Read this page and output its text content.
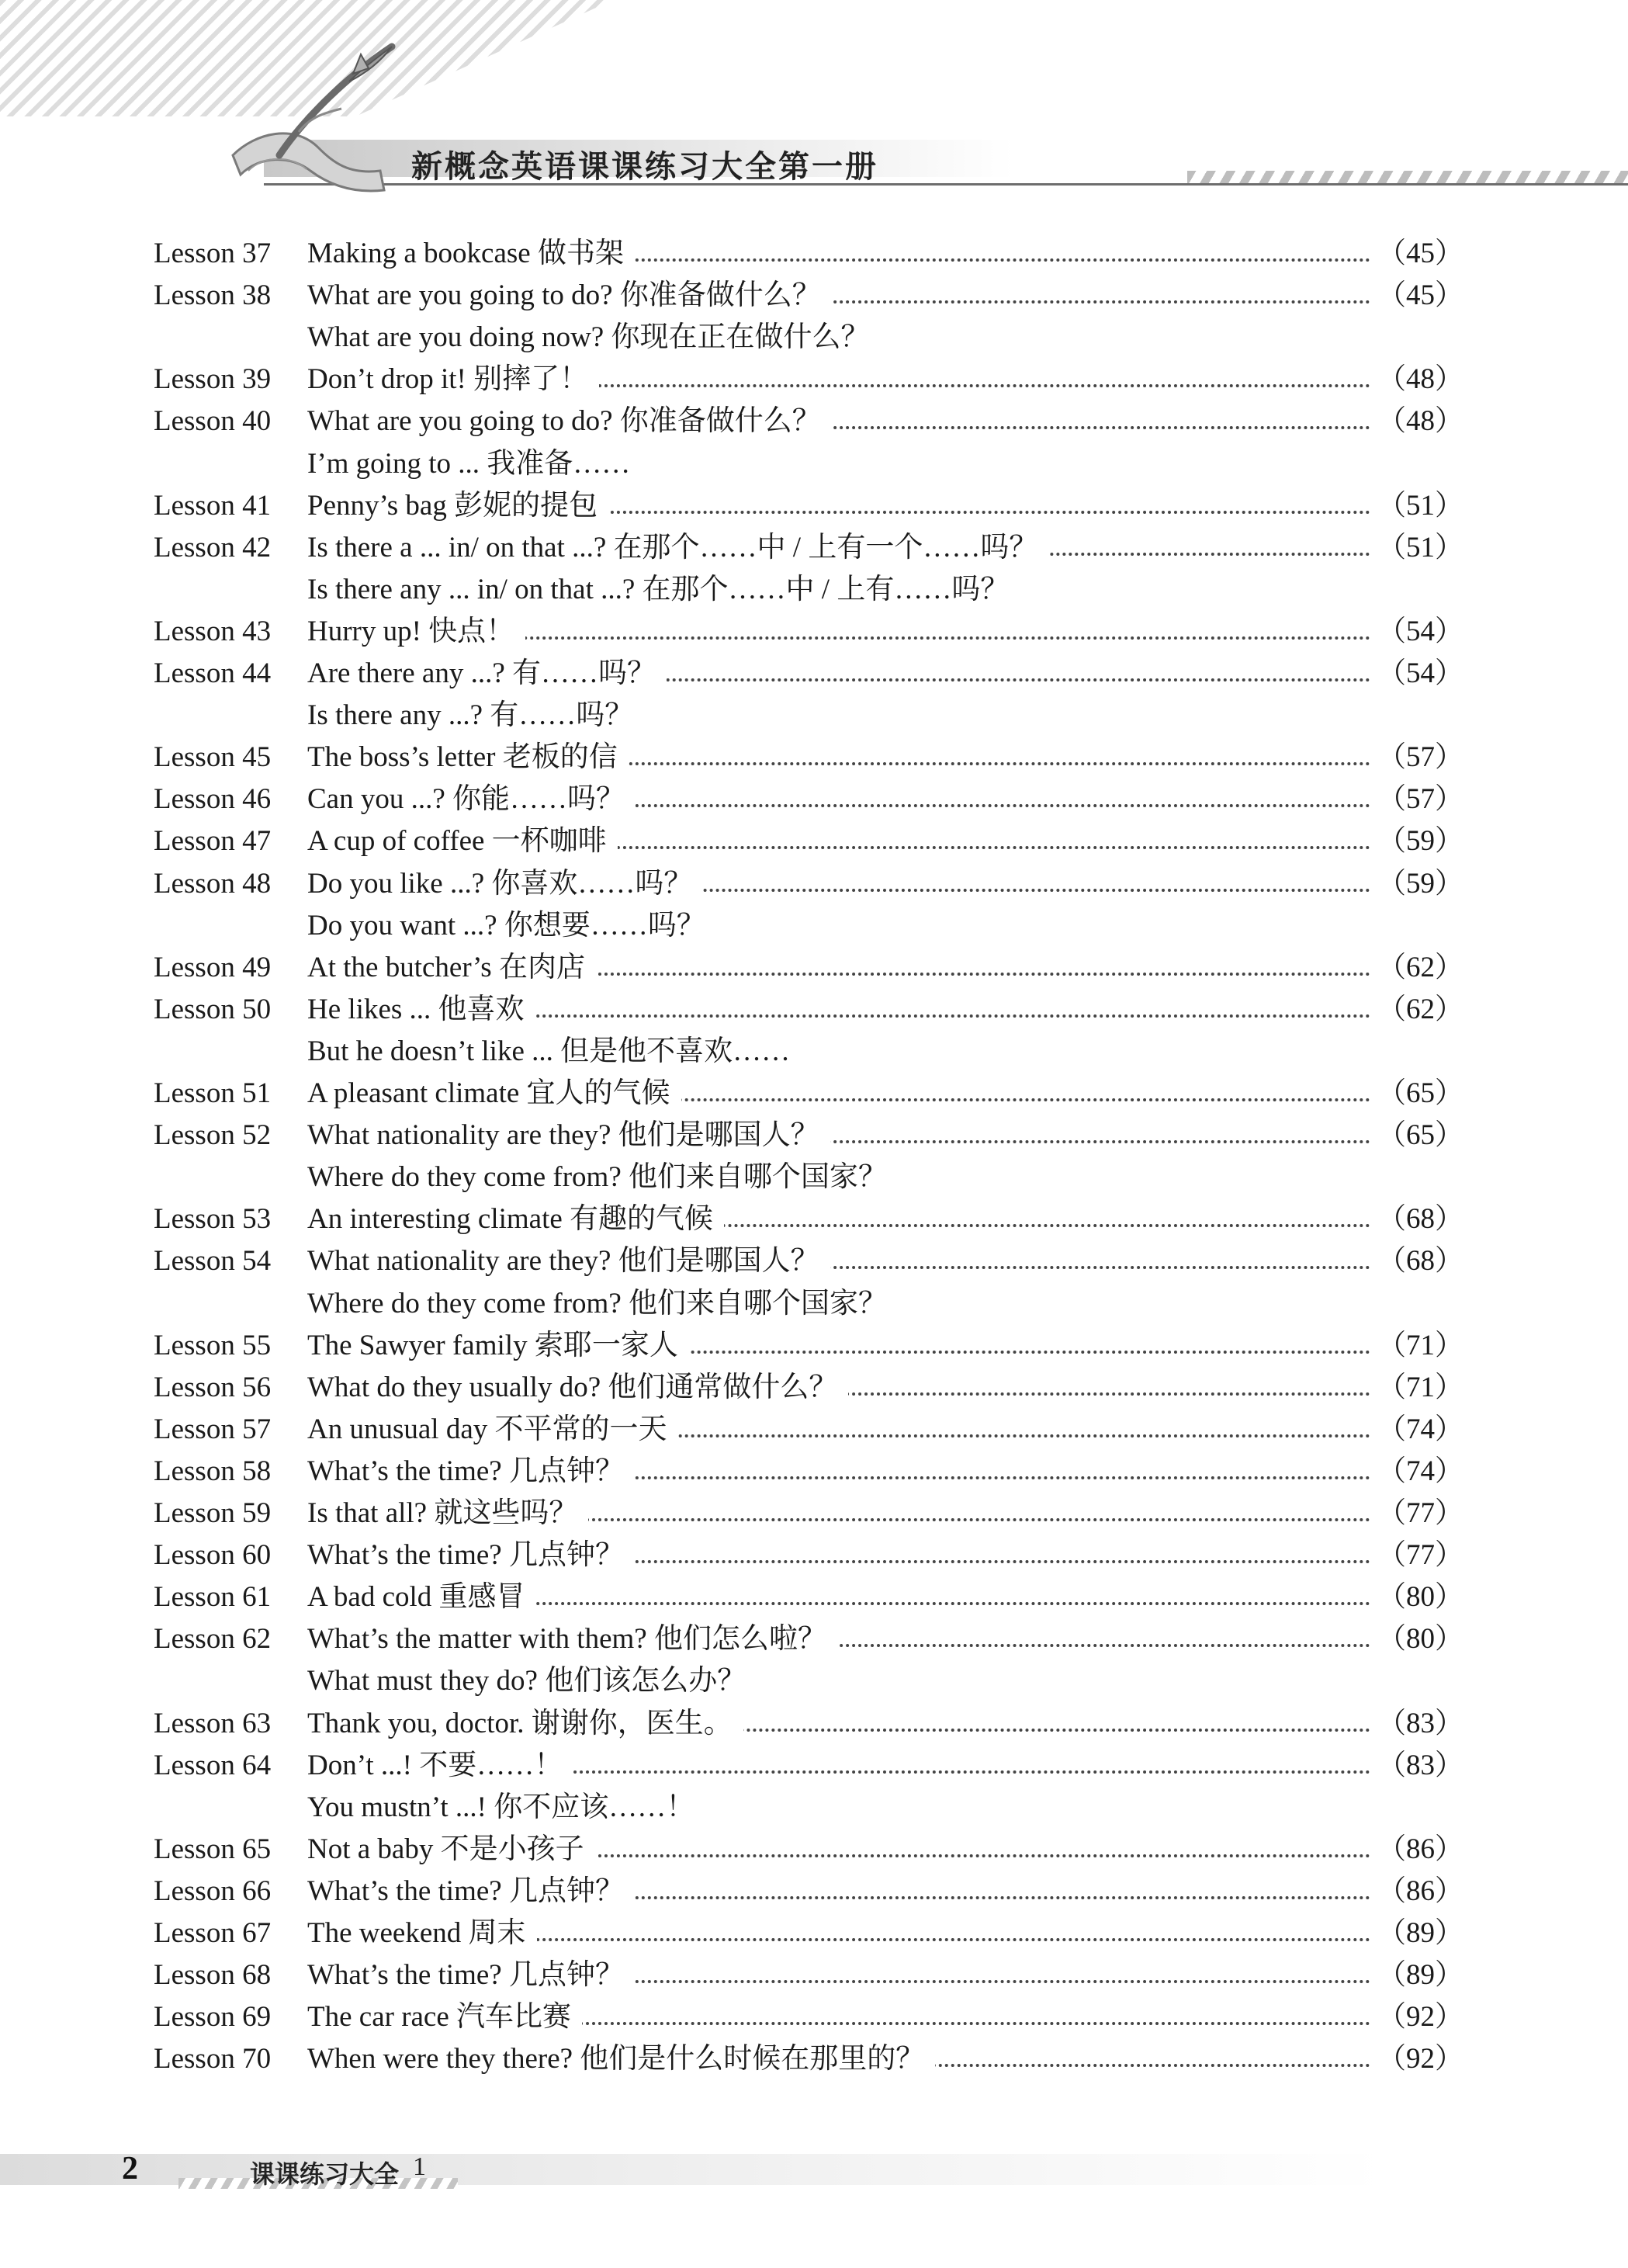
新概念英语课课练习大全第一册
Lesson 37 Making a bookcase 做书架	（45）
Lesson 38 What are you going to do? 你准备做什么？	（45）
What are you doing now? 你现在正在做什么？
Lesson 39 Don’t drop it! 别摔了！	（48）
Lesson 40 What are you going to do? 你准备做什么？	（48）
I’m going to ... 我准备……
Lesson 41 Penny’s bag 彭妮的提包	（51）
Lesson 42 Is there a ... in/ on that ...? 在那个……中 / 上有一个……吗？	（51）
Is there any ... in/ on that ...? 在那个……中 / 上有……吗？
Lesson 43 Hurry up! 快点！	（54）
Lesson 44 Are there any ...? 有……吗？	（54）
Is there any ...? 有……吗？
Lesson 45 The boss’s letter 老板的信	（57）
Lesson 46 Can you ...? 你能……吗？	（57）
Lesson 47 A cup of coffee 一杯咖啡	（59）
Lesson 48 Do you like ...? 你喜欢……吗？	（59）
Do you want ...? 你想要……吗？
Lesson 49 At the butcher’s 在肉店	（62）
Lesson 50 He likes ... 他喜欢	（62）
But he doesn’t like ... 但是他不喜欢……
Lesson 51 A pleasant climate 宜人的气候	（65）
Lesson 52 What nationality are they? 他们是哪国人？	（65）
Where do they come from? 他们来自哪个国家？
Lesson 53 An interesting climate 有趣的气候	（68）
Lesson 54 What nationality are they? 他们是哪国人？	（68）
Where do they come from? 他们来自哪个国家？
Lesson 55 The Sawyer family 索耶一家人	（71）
Lesson 56 What do they usually do? 他们通常做什么？	（71）
Lesson 57 An unusual day 不平常的一天	（74）
Lesson 58 What’s the time? 几点钟？	（74）
Lesson 59 Is that all? 就这些吗？	（77）
Lesson 60 What’s the time? 几点钟？	（77）
Lesson 61 A bad cold 重感冒	（80）
Lesson 62 What’s the matter with them? 他们怎么啦？	（80）
What must they do? 他们该怎么办？
Lesson 63 Thank you, doctor. 谢谢你，医生。	（83）
Lesson 64 Don’t ...! 不要……！	（83）
You mustn’t ...! 你不应该……！
Lesson 65 Not a baby 不是小孩子	（86）
Lesson 66 What’s the time? 几点钟？	（86）
Lesson 67 The weekend 周末	（89）
Lesson 68 What’s the time? 几点钟？	（89）
Lesson 69 The car race 汽车比赛	（92）
Lesson 70 When were they there? 他们是什么时候在那里的？	（92）
2	课课练习大全 1
